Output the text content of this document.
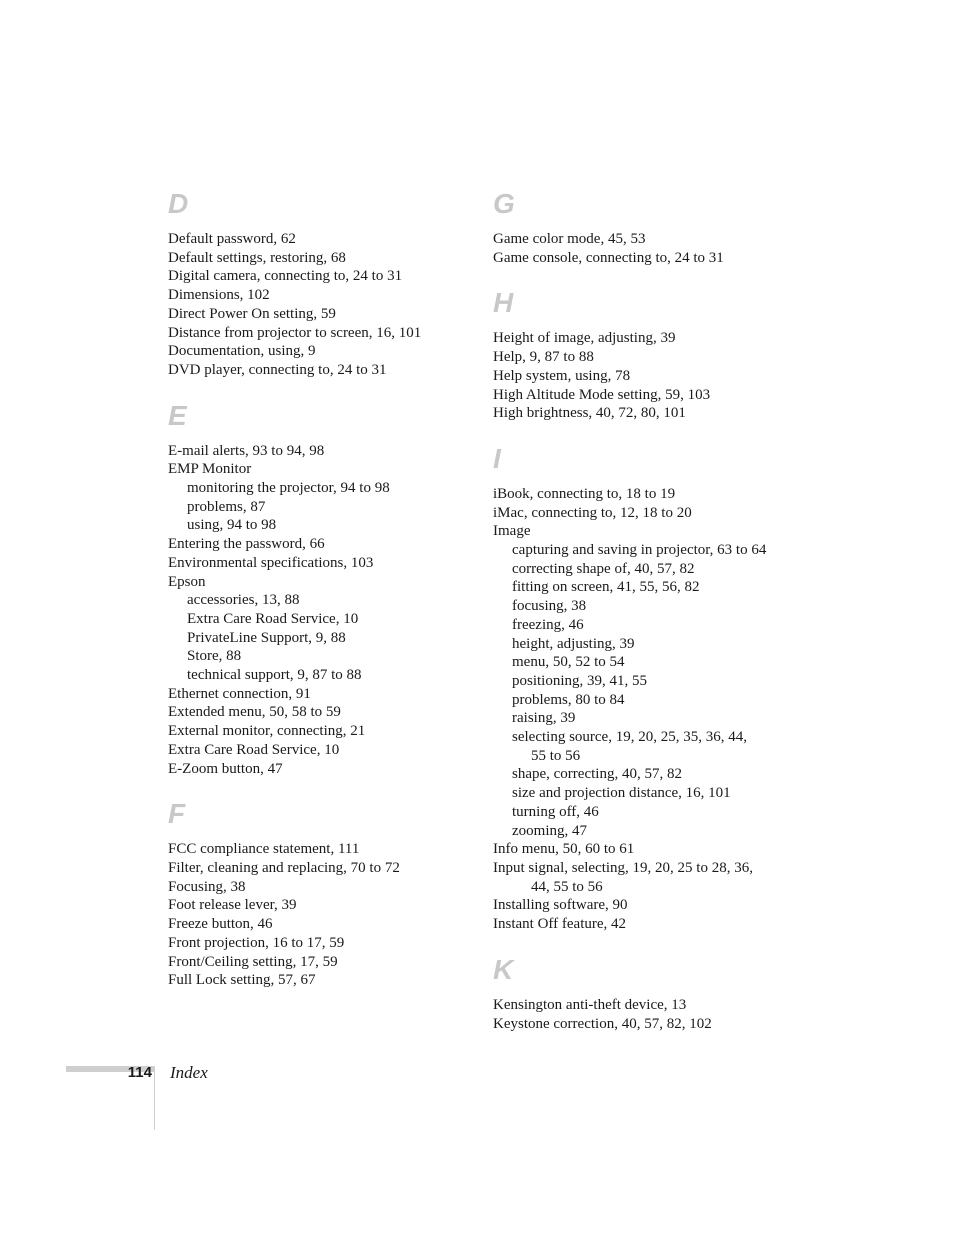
D
Default password, 62
Default settings, restoring, 68
Digital camera, connecting to, 24 to 31
Dimensions, 102
Direct Power On setting, 59
Distance from projector to screen, 16, 101
Documentation, using, 9
DVD player, connecting to, 24 to 31
E
E-mail alerts, 93 to 94, 98
EMP Monitor
monitoring the projector, 94 to 98
problems, 87
using, 94 to 98
Entering the password, 66
Environmental specifications, 103
Epson
accessories, 13, 88
Extra Care Road Service, 10
PrivateLine Support, 9, 88
Store, 88
technical support, 9, 87 to 88
Ethernet connection, 91
Extended menu, 50, 58 to 59
External monitor, connecting, 21
Extra Care Road Service, 10
E-Zoom button, 47
F
FCC compliance statement, 111
Filter, cleaning and replacing, 70 to 72
Focusing, 38
Foot release lever, 39
Freeze button, 46
Front projection, 16 to 17, 59
Front/Ceiling setting, 17, 59
Full Lock setting, 57, 67
G
Game color mode, 45, 53
Game console, connecting to, 24 to 31
H
Height of image, adjusting, 39
Help, 9, 87 to 88
Help system, using, 78
High Altitude Mode setting, 59, 103
High brightness, 40, 72, 80, 101
I
iBook, connecting to, 18 to 19
iMac, connecting to, 12, 18 to 20
Image
capturing and saving in projector, 63 to 64
correcting shape of, 40, 57, 82
fitting on screen, 41, 55, 56, 82
focusing, 38
freezing, 46
height, adjusting, 39
menu, 50, 52 to 54
positioning, 39, 41, 55
problems, 80 to 84
raising, 39
selecting source, 19, 20, 25, 35, 36, 44,
55 to 56
shape, correcting, 40, 57, 82
size and projection distance, 16, 101
turning off, 46
zooming, 47
Info menu, 50, 60 to 61
Input signal, selecting, 19, 20, 25 to 28, 36,
44, 55 to 56
Installing software, 90
Instant Off feature, 42
K
Kensington anti-theft device, 13
Keystone correction, 40, 57, 82, 102
114 Index
